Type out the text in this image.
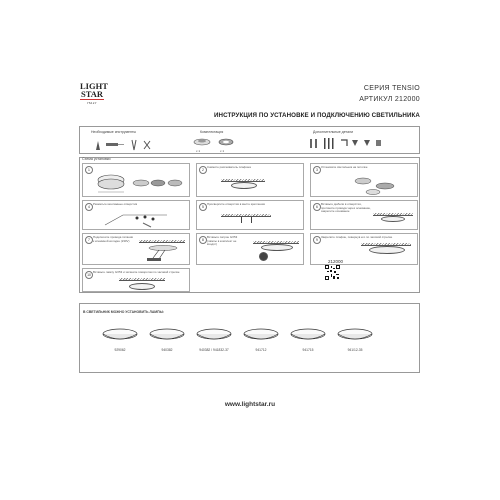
LIGHT
STAR
ITALY
СЕРИЯ TENSIO
АРТИКУЛ 212000
ИНСТРУКЦИЯ ПО УСТАНОВКЕ И ПОДКЛЮЧЕНИЮ СВЕТИЛЬНИКА
Необходимые инструменты	Комплектация
х 1	х 1
Дополнительные детали
Схема установки
1	2
Снимите рассеиватель плафона
3
Установите светильник на потолке
4
Разметьте монтажные отверстия
5
Просверлите отверстия в месте крепления
6
Вставьте дюбели в отверстия, протяните провода через основание, закрепите основание
7
Подключите провода питания к клеммной колодке (230V)	8
Вставьте патрон GX53 (лампы в комплект не входят)
9
Закрепите плафон, повернув его по часовой стрелке
10
Вставьте лампу GX53 и затяните поворотом по часовой стрелке
212000
В СВЕТИЛЬНИК МОЖНО УСТАНОВИТЬ ЛАМПЫ:
929062	940382	940382 / 941832-37	941712	941715	941/12-35
www.lightstar.ru
